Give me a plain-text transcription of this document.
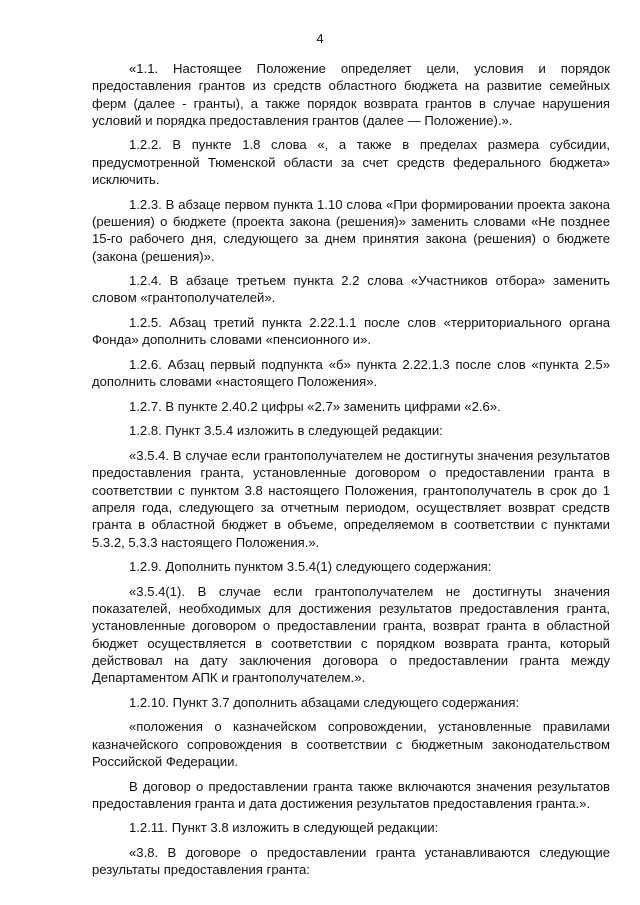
4

«1.1. Настоящее Положение определяет цели, условия и порядок предоставления грантов из средств областного бюджета на развитие семейных ферм (далее - гранты), а также порядок возврата грантов в случае нарушения условий и порядка предоставления грантов (далее — Положение).».

1.2.2. В пункте 1.8 слова «, а также в пределах размера субсидии, предусмотренной Тюменской области за счет средств федерального бюджета» исключить.

1.2.3. В абзаце первом пункта 1.10 слова «При формировании проекта закона (решения) о бюджете (проекта закона (решения)» заменить словами «Не позднее 15-го рабочего дня, следующего за днем принятия закона (решения) о бюджете (закона (решения)».

1.2.4. В абзаце третьем пункта 2.2 слова «Участников отбора» заменить словом «грантополучателей».

1.2.5. Абзац третий пункта 2.22.1.1 после слов «территориального органа Фонда» дополнить словами «пенсионного и».

1.2.6. Абзац первый подпункта «б» пункта 2.22.1.3 после слов «пункта 2.5» дополнить словами «настоящего Положения».

1.2.7. В пункте 2.40.2 цифры «2.7» заменить цифрами «2.6».

1.2.8. Пункт 3.5.4 изложить в следующей редакции:

«3.5.4. В случае если грантополучателем не достигнуты значения результатов предоставления гранта, установленные договором о предоставлении гранта в соответствии с пунктом 3.8 настоящего Положения, грантополучатель в срок до 1 апреля года, следующего за отчетным периодом, осуществляет возврат средств гранта в областной бюджет в объеме, определяемом в соответствии с пунктами 5.3.2, 5.3.3 настоящего Положения.».

1.2.9. Дополнить пунктом 3.5.4(1) следующего содержания:

«3.5.4(1). В случае если грантополучателем не достигнуты значения показателей, необходимых для достижения результатов предоставления гранта, установленные договором о предоставлении гранта, возврат гранта в областной бюджет осуществляется в соответствии с порядком возврата гранта, который действовал на дату заключения договора о предоставлении гранта между Департаментом АПК и грантополучателем.».

1.2.10. Пункт 3.7 дополнить абзацами следующего содержания:

«положения о казначейском сопровождении, установленные правилами казначейского сопровождения в соответствии с бюджетным законодательством Российской Федерации.

В договор о предоставлении гранта также включаются значения результатов предоставления гранта и дата достижения результатов предоставления гранта.».

1.2.11. Пункт 3.8 изложить в следующей редакции:

«3.8. В договоре о предоставлении гранта устанавливаются следующие результаты предоставления гранта:
